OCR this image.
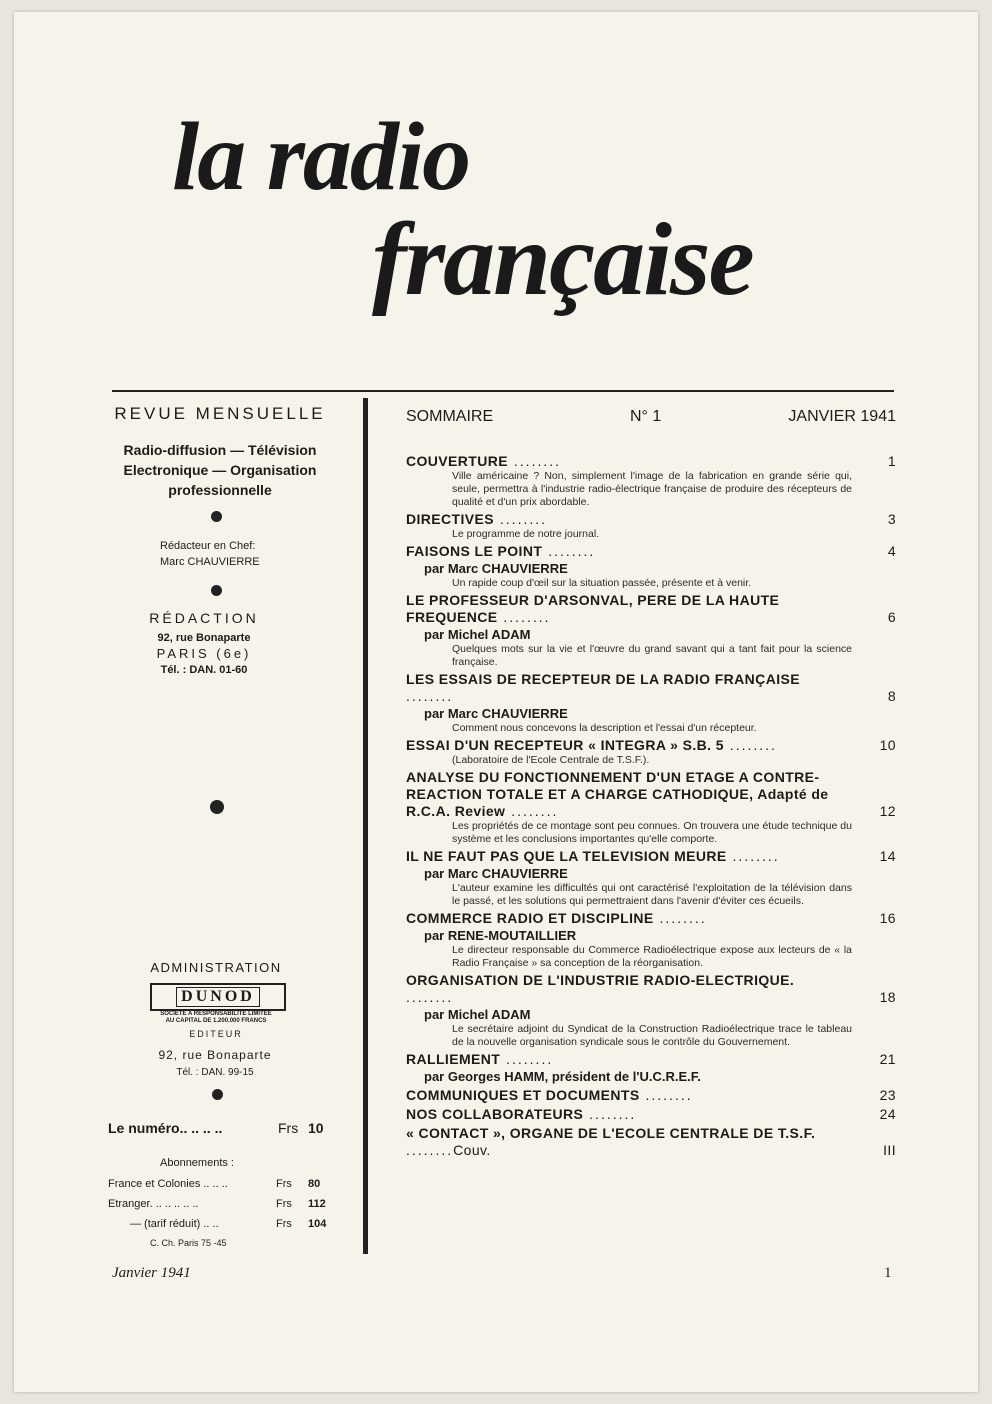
la radio
française
REVUE MENSUELLE
Radio-diffusion — Télévision
Electronique — Organisation
professionnelle
Rédacteur en Chef:
Marc CHAUVIERRE
RÉDACTION
92, rue Bonaparte
PARIS (6e)
Tél. : DAN. 01-60
ADMINISTRATION
DUNOD
SOCIÉTÉ A RESPONSABILITÉ LIMITÉE
AU CAPITAL DE 1.200.000 FRANCS
EDITEUR
92, rue Bonaparte
Tél. : DAN. 99-15
Le numéro.. .. .. ..	Frs 10
Abonnements :
France et Colonies .. .. ..	Frs 80
Etranger. .. .. .. .. ..	Frs 112
— (tarif réduit) .. ..	Frs 104
C. Ch. Paris 75 -45
Janvier 1941	1
SOMMAIRE	N° 1	JANVIER 1941
COUVERTURE ........	1
Ville américaine ? Non, simplement l'image de la fabrication en grande série qui, seule, permettra à l'industrie radio-électrique française de produire des récepteurs de qualité et d'un prix abordable.
DIRECTIVES ........	3
Le programme de notre journal.
FAISONS LE POINT ........	4
par Marc CHAUVIERRE
Un rapide coup d'œil sur la situation passée, présente et à venir.
LE PROFESSEUR D'ARSONVAL, PERE DE LA HAUTE FREQUENCE ........	6
par Michel ADAM
Quelques mots sur la vie et l'œuvre du grand savant qui a tant fait pour la science française.
LES ESSAIS DE RECEPTEUR DE LA RADIO FRANÇAISE ........	8
par Marc CHAUVIERRE
Comment nous concevons la description et l'essai d'un récepteur.
ESSAI D'UN RECEPTEUR « INTEGRA » S.B. 5 ........	10
(Laboratoire de l'Ecole Centrale de T.S.F.).
ANALYSE DU FONCTIONNEMENT D'UN ETAGE A CONTRE-REACTION TOTALE ET A CHARGE CATHODIQUE, Adapté de R.C.A. Review ........	12
Les propriétés de ce montage sont peu connues. On trouvera une étude technique du système et les conclusions importantes qu'elle comporte.
IL NE FAUT PAS QUE LA TELEVISION MEURE ........	14
par Marc CHAUVIERRE
L'auteur examine les difficultés qui ont caractérisé l'exploitation de la télévision dans le passé, et les solutions qui permettraient dans l'avenir d'éviter ces écueils.
COMMERCE RADIO ET DISCIPLINE ........	16
par RENE-MOUTAILLIER
Le directeur responsable du Commerce Radioélectrique expose aux lecteurs de « la Radio Française » sa conception de la réorganisation.
ORGANISATION DE L'INDUSTRIE RADIO-ELECTRIQUE. ........	18
par Michel ADAM
Le secrétaire adjoint du Syndicat de la Construction Radioélectrique trace le tableau de la nouvelle organisation syndicale sous le contrôle du Gouvernement.
RALLIEMENT ........	21
par Georges HAMM, président de l'U.C.R.E.F.
COMMUNIQUES ET DOCUMENTS ........	23
NOS COLLABORATEURS ........	24
« CONTACT », ORGANE DE L'ECOLE CENTRALE DE T.S.F. ........Couv.	III
